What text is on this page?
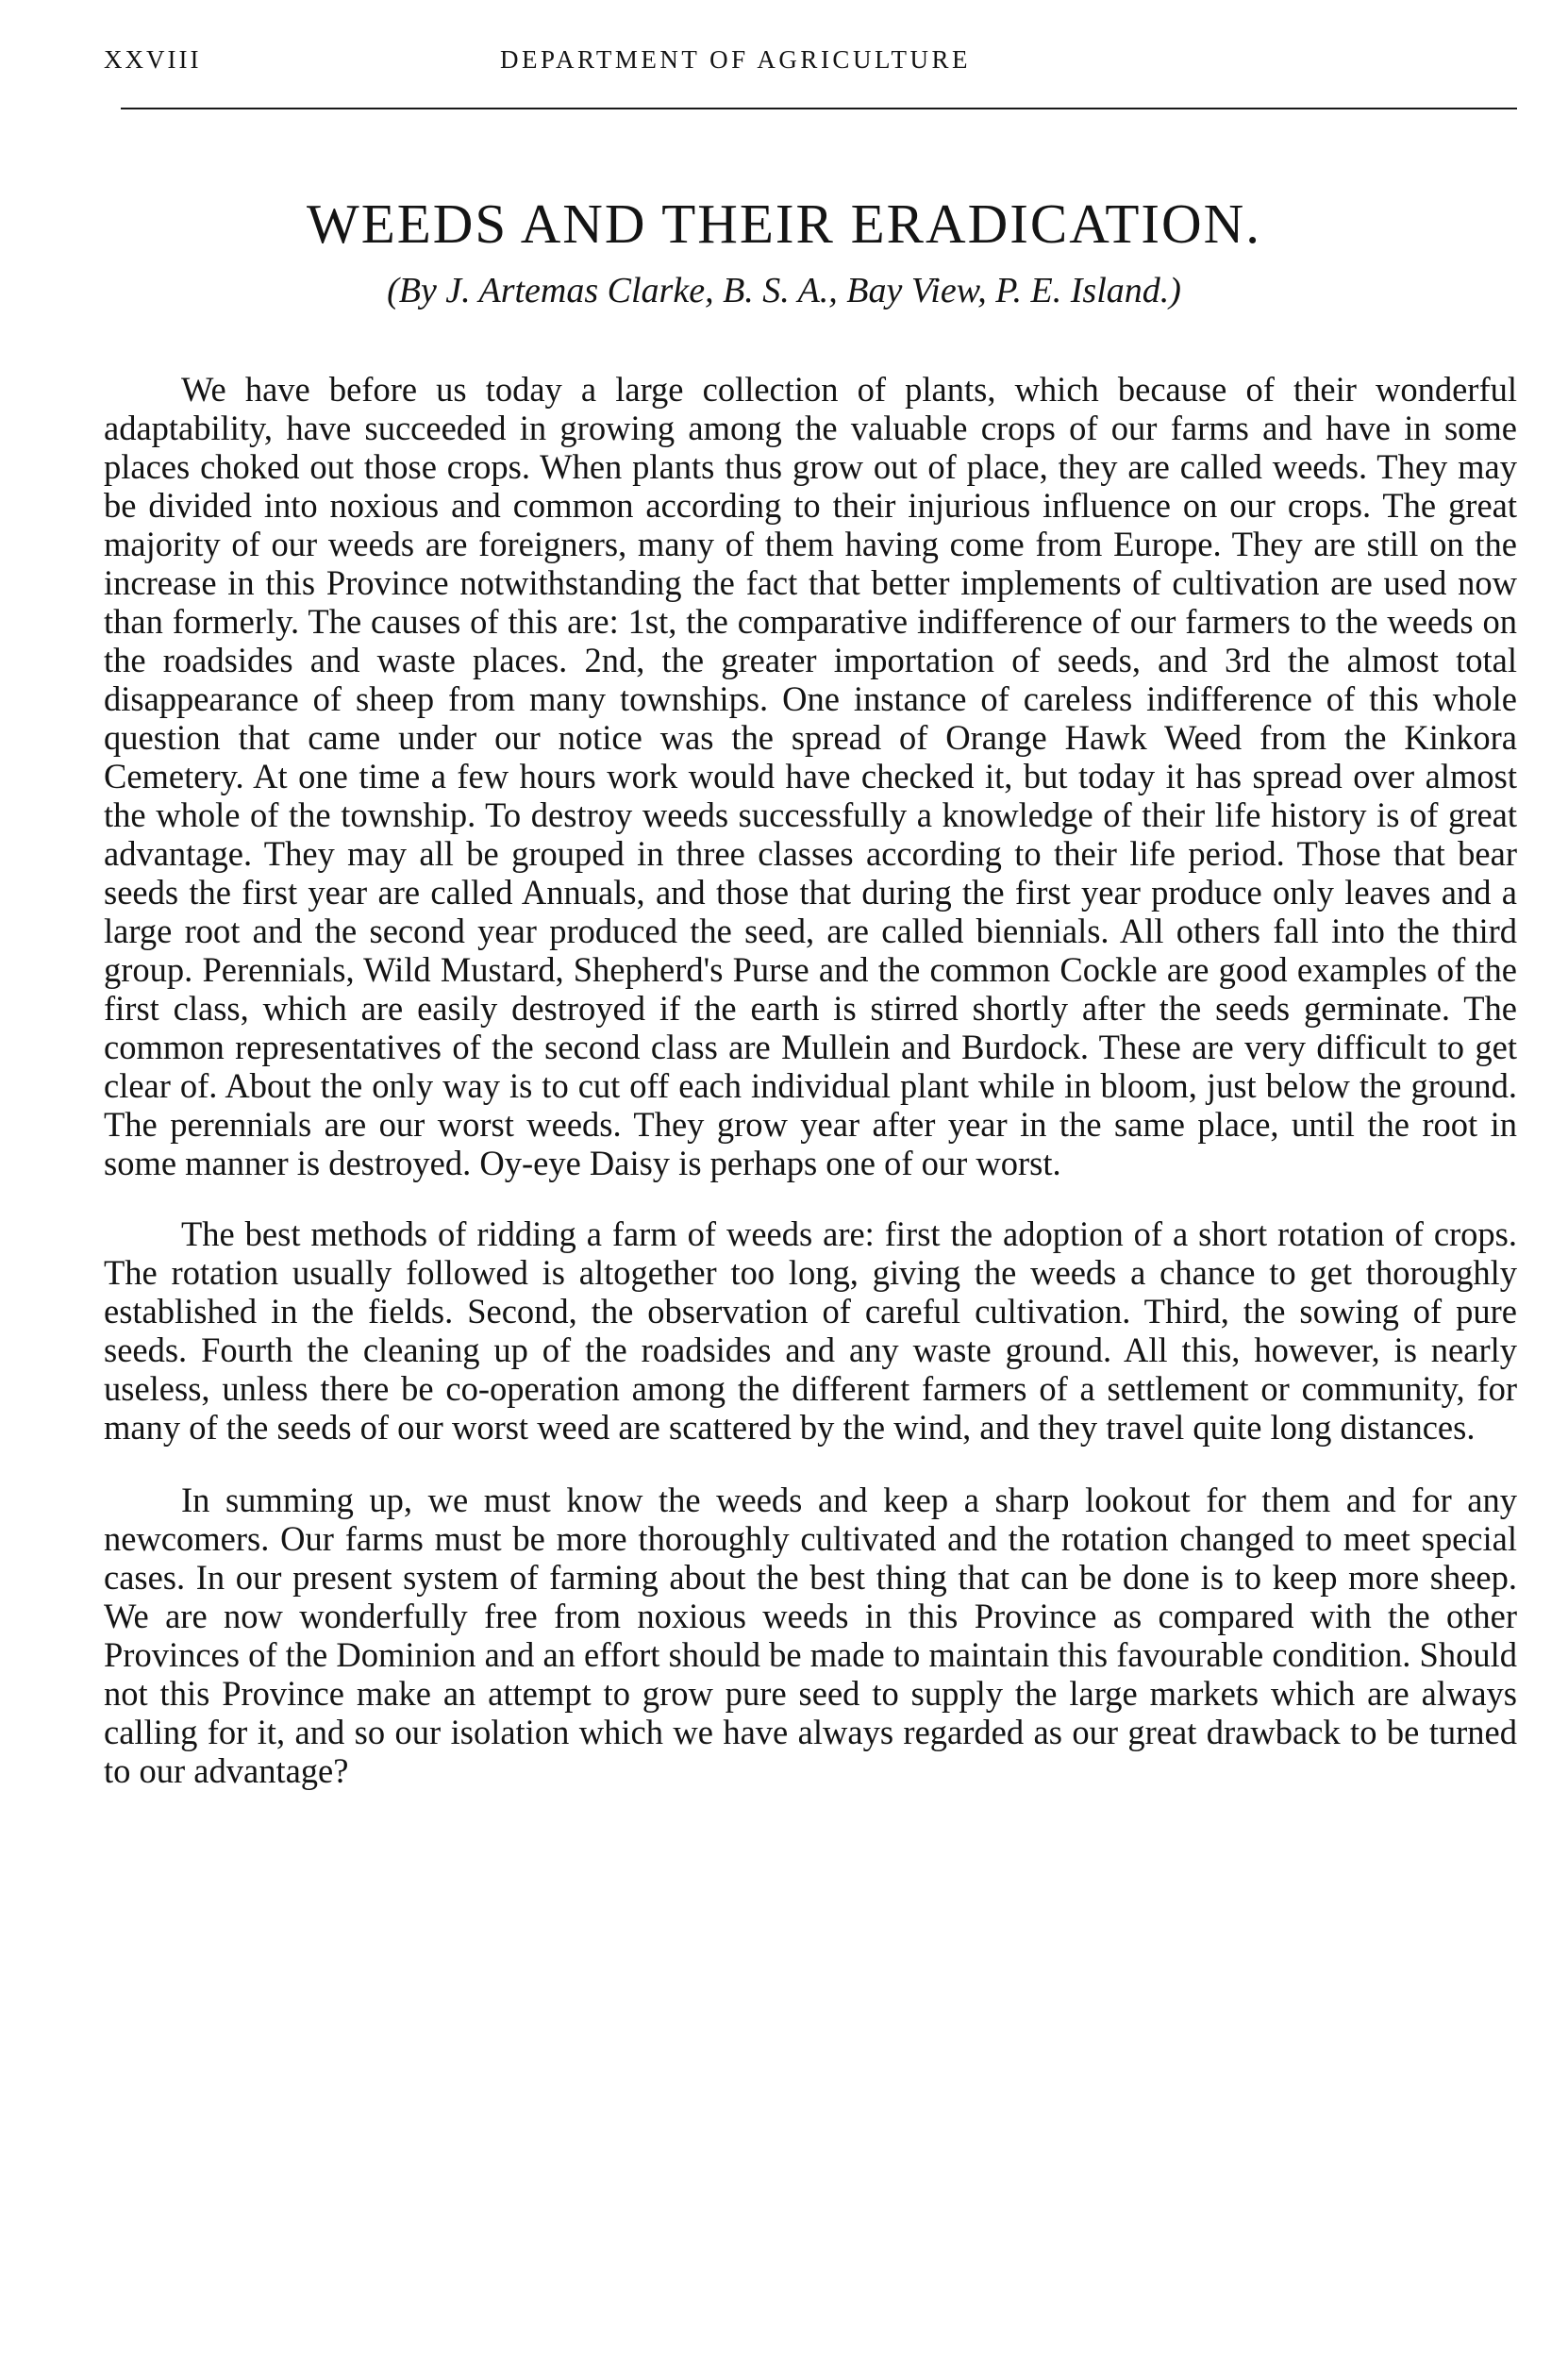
XXVIII	DEPARTMENT OF AGRICULTURE
WEEDS AND THEIR ERADICATION.
(By J. Artemas Clarke, B. S. A., Bay View, P. E. Island.)

We have before us today a large collection of plants, which because of their wonderful adaptability, have succeeded in growing among the valuable crops of our farms and have in some places choked out those crops. When plants thus grow out of place, they are called weeds. They may be divided into noxious and common according to their injurious influence on our crops. The great majority of our weeds are foreigners, many of them having come from Europe. They are still on the increase in this Province notwithstanding the fact that better implements of cultivation are used now than formerly. The causes of this are: 1st, the comparative indifference of our farmers to the weeds on the roadsides and waste places. 2nd, the greater importation of seeds, and 3rd the almost total disappearance of sheep from many townships. One instance of careless indifference of this whole question that came under our notice was the spread of Orange Hawk Weed from the Kinkora Cemetery. At one time a few hours work would have checked it, but today it has spread over almost the whole of the township. To destroy weeds successfully a knowledge of their life history is of great advantage. They may all be grouped in three classes according to their life period. Those that bear seeds the first year are called Annuals, and those that during the first year produce only leaves and a large root and the second year produced the seed, are called biennials. All others fall into the third group. Perennials, Wild Mustard, Shepherd's Purse and the common Cockle are good examples of the first class, which are easily destroyed if the earth is stirred shortly after the seeds germinate. The common representatives of the second class are Mullein and Burdock. These are very difficult to get clear of. About the only way is to cut off each individual plant while in bloom, just below the ground. The perennials are our worst weeds. They grow year after year in the same place, until the root in some manner is destroyed. Oy-eye Daisy is perhaps one of our worst.

The best methods of ridding a farm of weeds are: first the adoption of a short rotation of crops. The rotation usually followed is altogether too long, giving the weeds a chance to get thoroughly established in the fields. Second, the observation of careful cultivation. Third, the sowing of pure seeds. Fourth the cleaning up of the roadsides and any waste ground. All this, however, is nearly useless, unless there be co-operation among the different farmers of a settlement or community, for many of the seeds of our worst weed are scattered by the wind, and they travel quite long distances.

In summing up, we must know the weeds and keep a sharp lookout for them and for any newcomers. Our farms must be more thoroughly cultivated and the rotation changed to meet special cases. In our present system of farming about the best thing that can be done is to keep more sheep. We are now wonderfully free from noxious weeds in this Province as compared with the other Provinces of the Dominion and an effort should be made to maintain this favourable condition. Should not this Province make an attempt to grow pure seed to supply the large markets which are always calling for it, and so our isolation which we have always regarded as our great drawback to be turned to our advantage?
